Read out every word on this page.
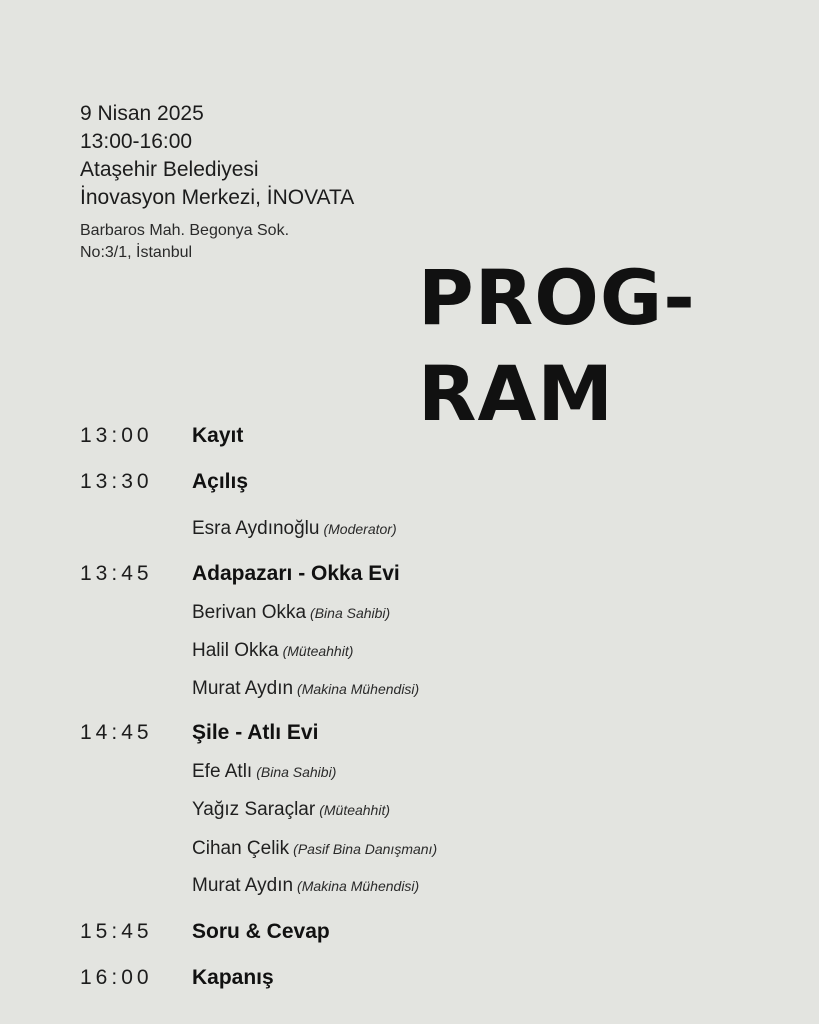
9 Nisan 2025
13:00-16:00
Ataşehir Belediyesi
İnovasyon Merkezi, İNOVATA
Barbaros Mah. Begonya Sok.
No:3/1, İstanbul
PROG-
RAM
13:00 Kayıt
13:30 Açılış
Esra Aydınoğlu (Moderator)
13:45 Adapazarı - Okka Evi
Berivan Okka (Bina Sahibi)
Halil Okka (Müteahhit)
Murat Aydın (Makina Mühendisi)
14:45 Şile - Atlı Evi
Efe Atlı (Bina Sahibi)
Yağız Saraçlar (Müteahhit)
Cihan Çelik (Pasif Bina Danışmanı)
Murat Aydın (Makina Mühendisi)
15:45 Soru & Cevap
16:00 Kapanış
